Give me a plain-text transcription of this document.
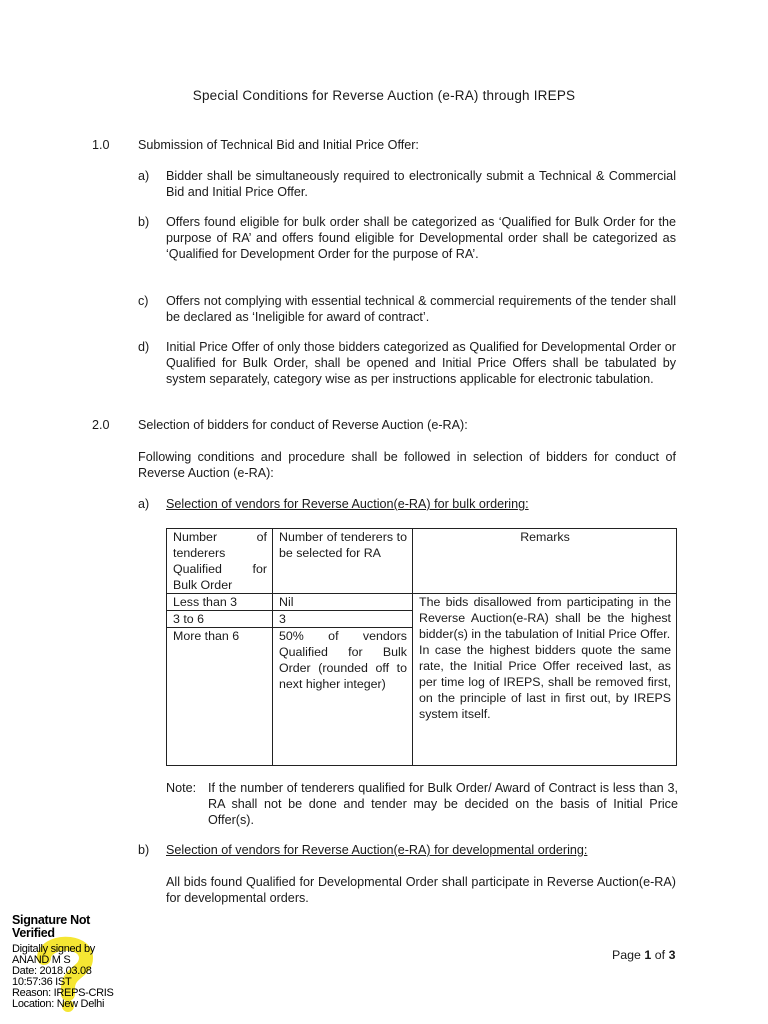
Special Conditions for Reverse Auction (e-RA) through IREPS
1.0	Submission of Technical Bid and Initial Price Offer:
a) Bidder shall be simultaneously required to electronically submit a Technical & Commercial Bid and Initial Price Offer.
b) Offers found eligible for bulk order shall be categorized as ‘Qualified for Bulk Order for the purpose of RA’ and offers found eligible for Developmental order shall be categorized as ‘Qualified for Development Order for the purpose of RA’.
c) Offers not complying with essential technical & commercial requirements of the tender shall be declared as ‘Ineligible for award of contract’.
d) Initial Price Offer of only those bidders categorized as Qualified for Developmental Order or Qualified for Bulk Order, shall be opened and Initial Price Offers shall be tabulated by system separately, category wise as per instructions applicable for electronic tabulation.
2.0	Selection of bidders for conduct of Reverse Auction (e-RA):
Following conditions and procedure shall be followed in selection of bidders for conduct of Reverse Auction (e-RA):
a) Selection of vendors for Reverse Auction(e-RA) for bulk ordering:
Number of tenderers Qualified for Bulk Order	Number of tenderers to be selected for RA	Remarks
Less than 3	Nil	The bids disallowed from participating in the Reverse Auction(e-RA) shall be the highest bidder(s) in the tabulation of Initial Price Offer.
In case the highest bidders quote the same rate, the Initial Price Offer received last, as per time log of IREPS, shall be removed first, on the principle of last in first out, by IREPS system itself.

3 to 6	3	
More than 6	50% of vendors Qualified for Bulk Order (rounded off to next higher integer)	
Note: If the number of tenderers qualified for Bulk Order/ Award of Contract is less than 3, RA shall not be done and tender may be decided on the basis of Initial Price Offer(s).
b) Selection of vendors for Reverse Auction(e-RA) for developmental ordering:
All bids found Qualified for Developmental Order shall participate in Reverse Auction(e-RA) for developmental orders.
Page 1 of 3
Signature Not
Verified
Digitally signed by
ANAND M S
Date: 2018.03.08
10:57:36 IST
Reason: IREPS-CRIS
Location: New Delhi
